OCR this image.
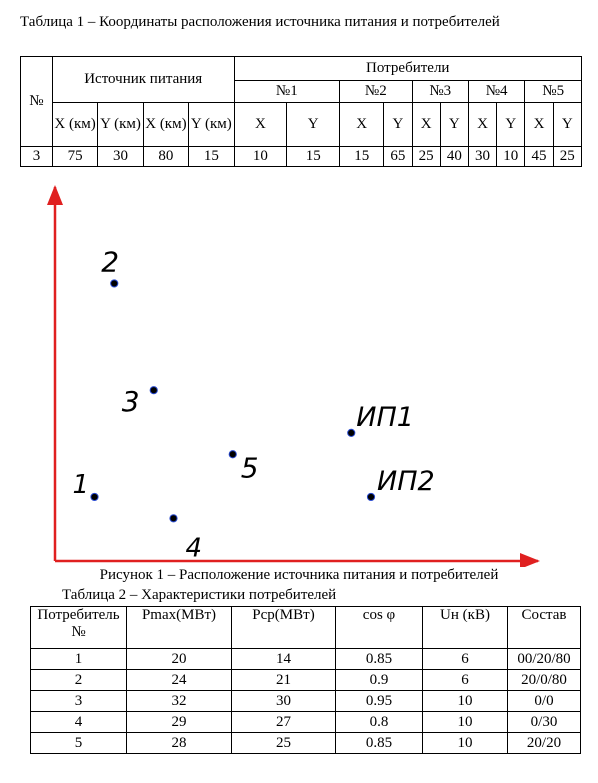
Таблица 1 – Координаты расположения источника питания и потребителей
№	Источник питания				Потребители									
					№1		№2		№3		№4		№5	
	X (км)	Y (км)	X (км)	Y (км)	X	Y	X	Y	X	Y	X	Y	X	Y
3	75	30	80	15	10	15	15	65	25	40	30	10	45	25
1
2
3
4
5
ИП1
ИП2
Рисунок 1 – Расположение источника питания и потребителей
Таблица 2 – Характеристики потребителей
Потребитель №	Pmax(МВт)	Pср(МВт)	cos φ	Uн (кВ)	Состав
1	20	14	0.85	6	00/20/80
2	24	21	0.9	6	20/0/80
3	32	30	0.95	10	0/0
4	29	27	0.8	10	0/30
5	28	25	0.85	10	20/20
